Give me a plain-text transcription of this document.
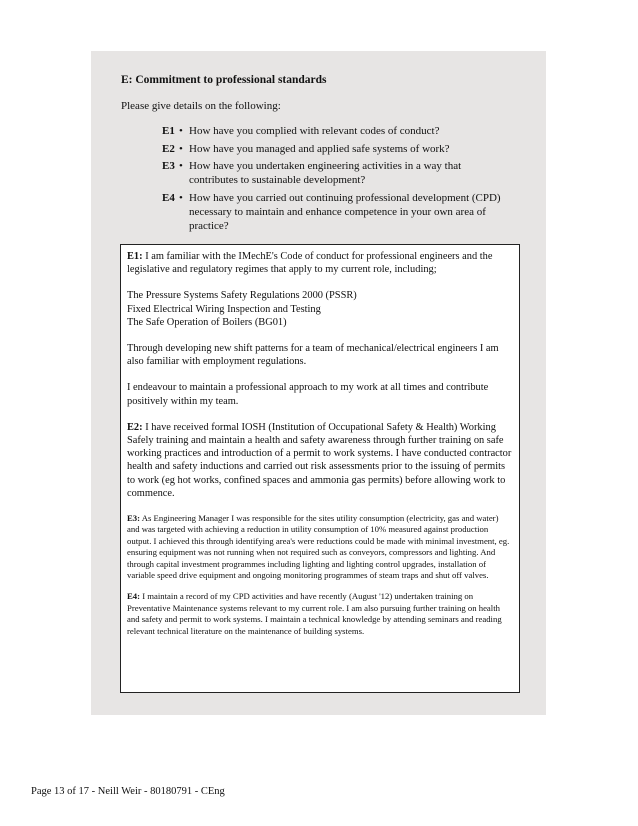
E: Commitment to professional standards
Please give details on the following:
E1 • How have you complied with relevant codes of conduct?
E2 • How have you managed and applied safe systems of work?
E3 • How have you undertaken engineering activities in a way that contributes to sustainable development?
E4 • How have you carried out continuing professional development (CPD) necessary to maintain and enhance competence in your own area of practice?

E1: I am familiar with the IMechE's Code of conduct for professional engineers and the legislative and regulatory regimes that apply to my current role, including;

The Pressure Systems Safety Regulations 2000 (PSSR)

Fixed Electrical Wiring Inspection and Testing

The Safe Operation of Boilers (BG01)

Through developing new shift patterns for a team of mechanical/electrical engineers I am also familiar with employment regulations.

I endeavour to maintain a professional approach to my work at all times and contribute positively within my team.

E2: I have received formal IOSH (Institution of Occupational Safety & Health) Working Safely training and maintain a health and safety awareness through further training on safe working practices and introduction of a permit to work systems. I have conducted contractor health and safety inductions and carried out risk assessments prior to the issuing of permits to work (eg hot works, confined spaces and ammonia gas permits) before allowing work to commence.

E3: As Engineering Manager I was responsible for the sites utility consumption (electricity, gas and water) and was targeted with achieving a reduction in utility consumption of 10% measured against production output. I achieved this through identifying area's were reductions could be made with minimal investment, eg. ensuring equipment was not running when not required such as conveyors, compressors and lighting. And through capital investment programmes including lighting and lighting control upgrades, installation of variable speed drive equipment and ongoing monitoring programmes of steam traps and shut off valves.

E4: I maintain a record of my CPD activities and have recently (August '12) undertaken training on Preventative Maintenance systems relevant to my current role. I am also pursuing further training on health and safety and permit to work systems. I maintain a technical knowledge by attending seminars and reading relevant technical literature on the maintenance of building systems.

Page 13 of 17 - Neill Weir - 80180791 - CEng
